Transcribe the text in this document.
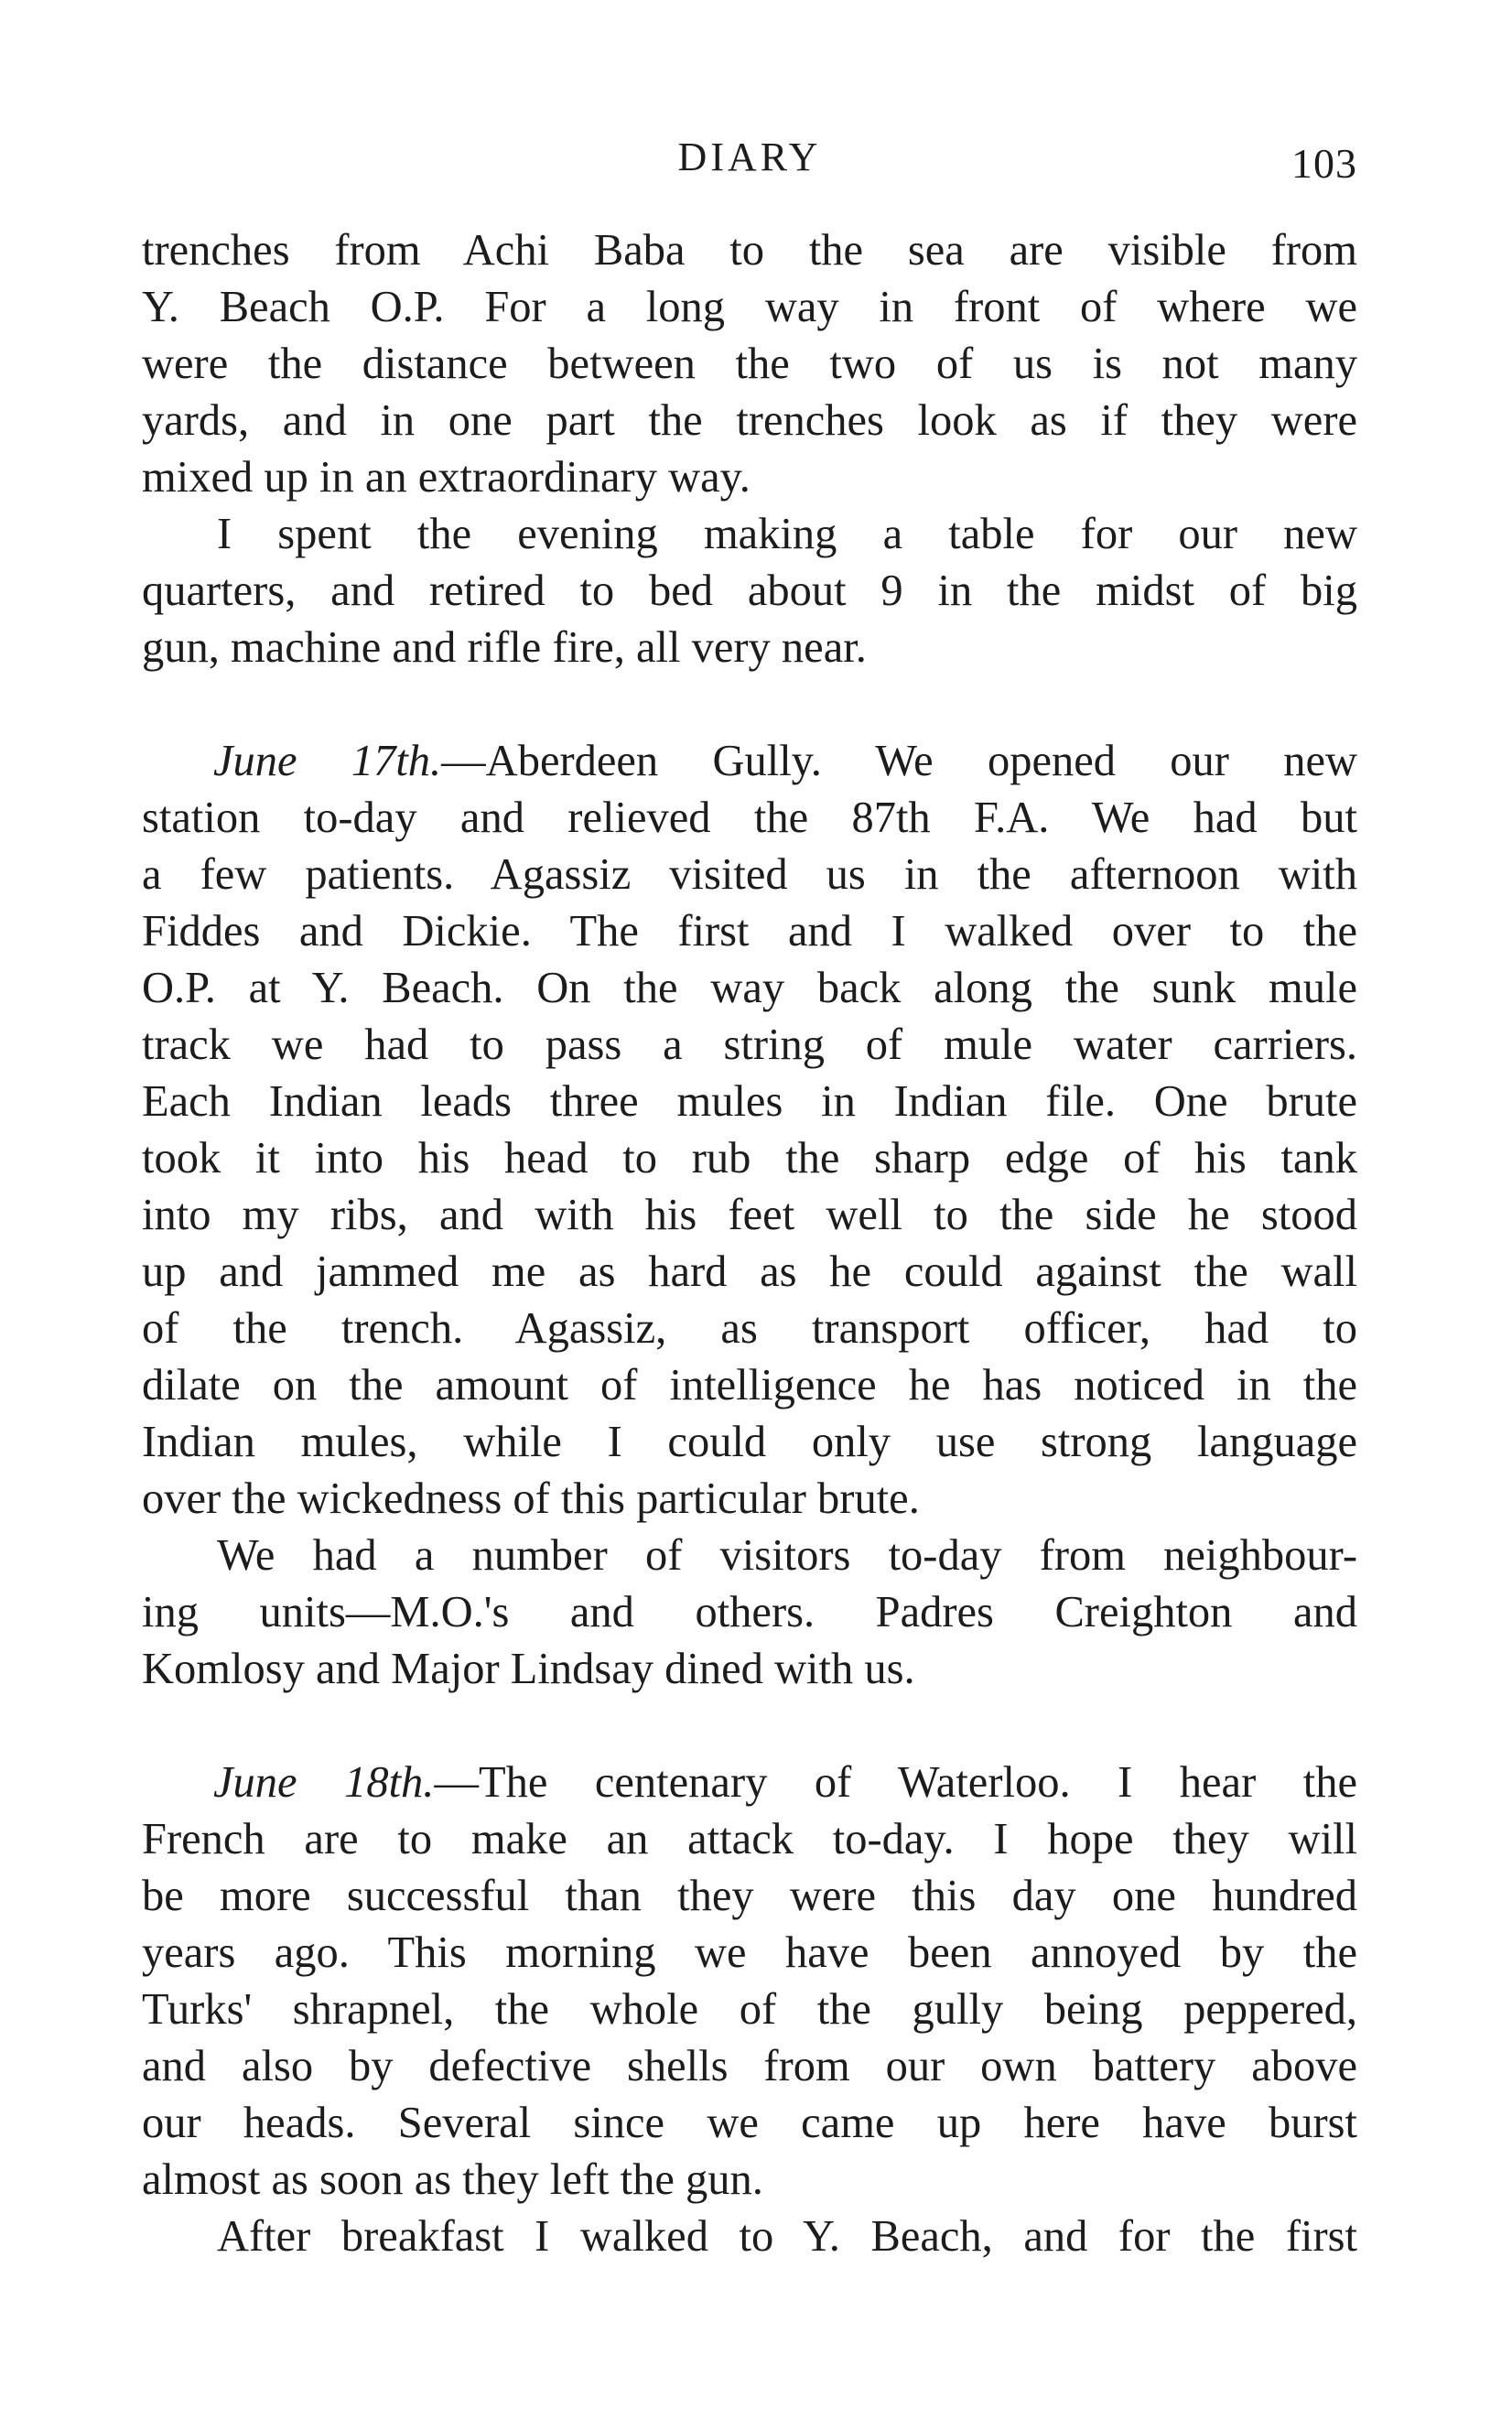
DIARY	103
trenches from Achi Baba to the sea are visible from
Y. Beach O.P. For a long way in front of where we
were the distance between the two of us is not many
yards, and in one part the trenches look as if they were
mixed up in an extraordinary way.
I spent the evening making a table for our new
quarters, and retired to bed about 9 in the midst of big
gun, machine and rifle fire, all very near.
June 17th.—Aberdeen Gully. We opened our new
station to-day and relieved the 87th F.A. We had but
a few patients. Agassiz visited us in the afternoon with
Fiddes and Dickie. The first and I walked over to the
O.P. at Y. Beach. On the way back along the sunk mule
track we had to pass a string of mule water carriers.
Each Indian leads three mules in Indian file. One brute
took it into his head to rub the sharp edge of his tank
into my ribs, and with his feet well to the side he stood
up and jammed me as hard as he could against the wall
of the trench. Agassiz, as transport officer, had to
dilate on the amount of intelligence he has noticed in the
Indian mules, while I could only use strong language
over the wickedness of this particular brute.
We had a number of visitors to-day from neighbour-
ing units—M.O.'s and others. Padres Creighton and
Komlosy and Major Lindsay dined with us.
June 18th.—The centenary of Waterloo. I hear the
French are to make an attack to-day. I hope they will
be more successful than they were this day one hundred
years ago. This morning we have been annoyed by the
Turks' shrapnel, the whole of the gully being peppered,
and also by defective shells from our own battery above
our heads. Several since we came up here have burst
almost as soon as they left the gun.
After breakfast I walked to Y. Beach, and for the first
